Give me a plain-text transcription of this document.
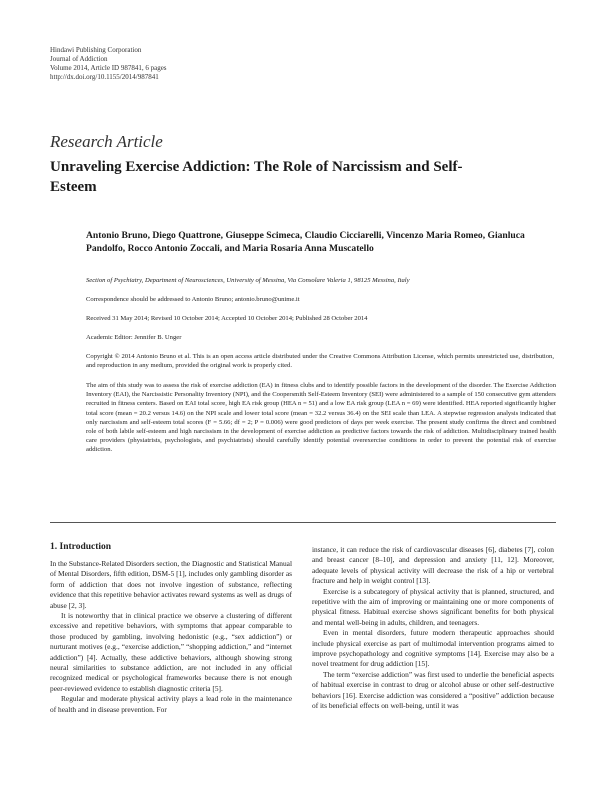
Hindawi Publishing Corporation
Journal of Addiction
Volume 2014, Article ID 987841, 6 pages
http://dx.doi.org/10.1155/2014/987841
Research Article
Unraveling Exercise Addiction: The Role of Narcissism and Self-Esteem
Antonio Bruno, Diego Quattrone, Giuseppe Scimeca, Claudio Cicciarelli, Vincenzo Maria Romeo, Gianluca Pandolfo, Rocco Antonio Zoccali, and Maria Rosaria Anna Muscatello
Section of Psychiatry, Department of Neurosciences, University of Messina, Via Consolare Valeria 1, 98125 Messina, Italy
Correspondence should be addressed to Antonio Bruno; antonio.bruno@unime.it
Received 31 May 2014; Revised 10 October 2014; Accepted 10 October 2014; Published 28 October 2014
Academic Editor: Jennifer B. Unger
Copyright © 2014 Antonio Bruno et al. This is an open access article distributed under the Creative Commons Attribution License, which permits unrestricted use, distribution, and reproduction in any medium, provided the original work is properly cited.
The aim of this study was to assess the risk of exercise addiction (EA) in fitness clubs and to identify possible factors in the development of the disorder. The Exercise Addiction Inventory (EAI), the Narcissistic Personality Inventory (NPI), and the Coopersmith Self-Esteem Inventory (SEI) were administered to a sample of 150 consecutive gym attenders recruited in fitness centers. Based on EAI total score, high EA risk group (HEA n = 51) and a low EA risk group (LEA n = 69) were identified. HEA reported significantly higher total score (mean = 20.2 versus 14.6) on the NPI scale and lower total score (mean = 32.2 versus 36.4) on the SEI scale than LEA. A stepwise regression analysis indicated that only narcissism and self-esteem total scores (F = 5.66; df = 2; P = 0.006) were good predictors of days per week exercise. The present study confirms the direct and combined role of both labile self-esteem and high narcissism in the development of exercise addiction as predictive factors towards the risk of addiction. Multidisciplinary trained health care providers (physiatrists, psychologists, and psychiatrists) should carefully identify potential overexercise conditions in order to prevent the potential risk of exercise addiction.
1. Introduction

In the Substance-Related Disorders section, the Diagnostic and Statistical Manual of Mental Disorders, fifth edition, DSM-5 [1], includes only gambling disorder as form of addiction that does not involve ingestion of substance, reflecting evidence that this repetitive behavior activates reward systems as well as drugs of abuse [2, 3].

It is noteworthy that in clinical practice we observe a clustering of different excessive and repetitive behaviors, with symptoms that appear comparable to those produced by gambling, involving hedonistic (e.g., “sex addiction”) or nurturant motives (e.g., “exercise addiction,” “shopping addiction,” and “internet addiction”) [4]. Actually, these addictive behaviors, although showing strong neural similarities to substance addiction, are not included in any official recognized medical or psychological frameworks because there is not enough peer-reviewed evidence to establish diagnostic criteria [5].

Regular and moderate physical activity plays a lead role in the maintenance of health and in disease prevention. For

instance, it can reduce the risk of cardiovascular diseases [6], diabetes [7], colon and breast cancer [8–10], and depression and anxiety [11, 12]. Moreover, adequate levels of physical activity will decrease the risk of a hip or vertebral fracture and help in weight control [13].

Exercise is a subcategory of physical activity that is planned, structured, and repetitive with the aim of improving or maintaining one or more components of physical fitness. Habitual exercise shows significant benefits for both physical and mental well-being in adults, children, and teenagers.

Even in mental disorders, future modern therapeutic approaches should include physical exercise as part of multimodal intervention programs aimed to improve psychopathology and cognitive symptoms [14]. Exercise may also be a novel treatment for drug addiction [15].

The term “exercise addiction” was first used to underlie the beneficial aspects of habitual exercise in contrast to drug or alcohol abuse or other self-destructive behaviors [16]. Exercise addiction was considered a “positive” addiction because of its beneficial effects on well-being, until it was
